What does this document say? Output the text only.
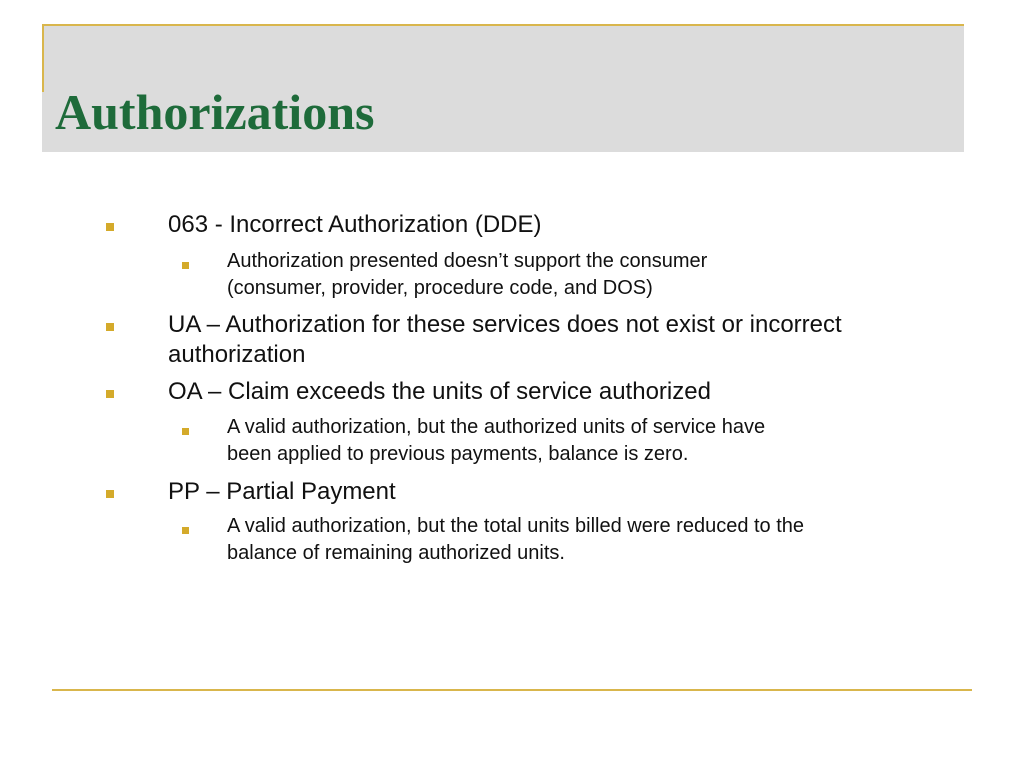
Authorizations
063 - Incorrect Authorization (DDE)
Authorization presented doesn’t support the consumer
(consumer, provider, procedure code, and DOS)
UA – Authorization for these services does not exist or incorrect
authorization
OA – Claim exceeds the units of service authorized
A valid authorization, but the authorized units of service have
been applied to previous payments, balance is zero.
PP – Partial Payment
A valid authorization, but the total units billed were reduced to the
balance of remaining authorized units.
